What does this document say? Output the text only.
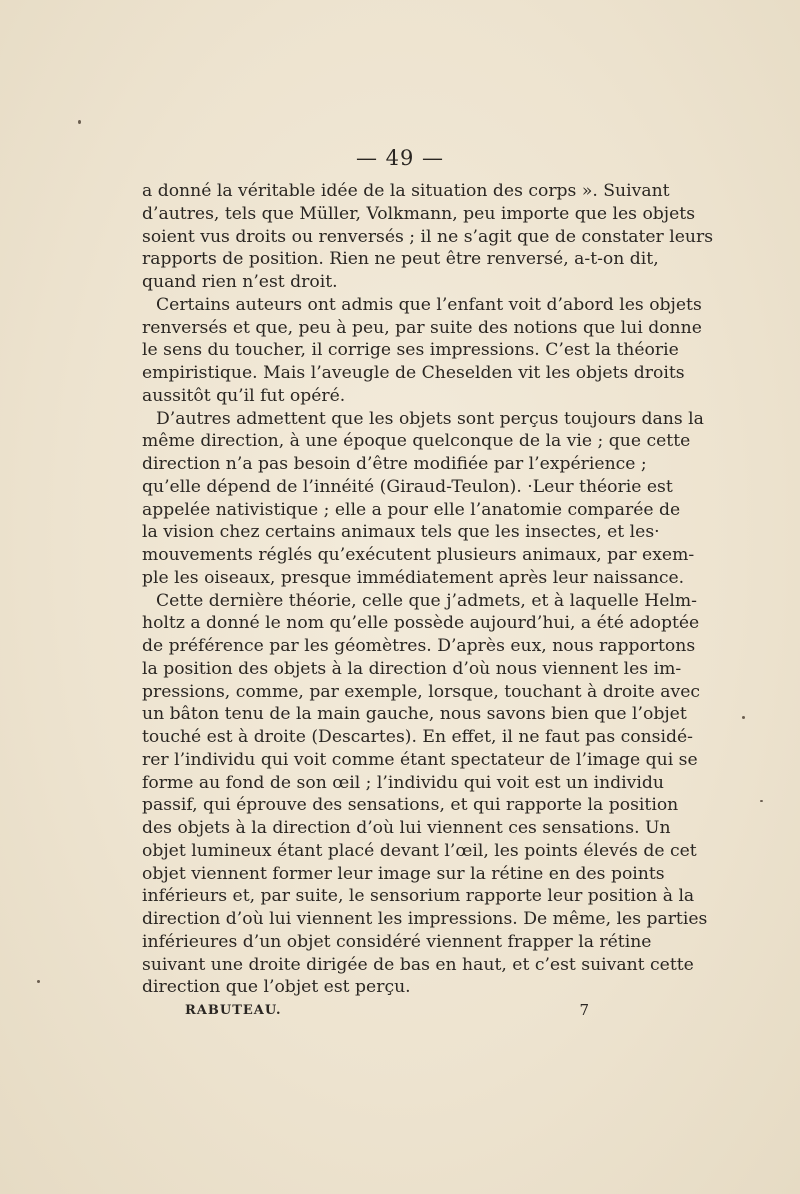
— 49 —
a donné la véritable idée de la situation des corps ». Suivant
d’autres, tels que Müller, Volkmann, peu importe que les objets
soient vus droits ou renversés ; il ne s’agit que de constater leurs
rapports de position. Rien ne peut être renversé, a-t-on dit,
quand rien n’est droit.
Certains auteurs ont admis que l’enfant voit d’abord les objets
renversés et que, peu à peu, par suite des notions que lui donne
le sens du toucher, il corrige ses impressions. C’est la théorie
empiristique. Mais l’aveugle de Cheselden vit les objets droits
aussitôt qu’il fut opéré.
D’autres admettent que les objets sont perçus toujours dans la
même direction, à une époque quelconque de la vie ; que cette
direction n’a pas besoin d’être modifiée par l’expérience ;
qu’elle dépend de l’innéité (Giraud-Teulon). ·Leur théorie est
appelée nativistique ; elle a pour elle l’anatomie comparée de
la vision chez certains animaux tels que les insectes, et les·
mouvements réglés qu’exécutent plusieurs animaux, par exem-
ple les oiseaux, presque immédiatement après leur naissance.
Cette dernière théorie, celle que j’admets, et à laquelle Helm-
holtz a donné le nom qu’elle possède aujourd’hui, a été adoptée
de préférence par les géomètres. D’après eux, nous rapportons
la position des objets à la direction d’où nous viennent les im-
pressions, comme, par exemple, lorsque, touchant à droite avec
un bâton tenu de la main gauche, nous savons bien que l’objet
touché est à droite (Descartes). En effet, il ne faut pas considé-
rer l’individu qui voit comme étant spectateur de l’image qui se
forme au fond de son œil ; l’individu qui voit est un individu
passif, qui éprouve des sensations, et qui rapporte la position
des objets à la direction d’où lui viennent ces sensations. Un
objet lumineux étant placé devant l’œil, les points élevés de cet
objet viennent former leur image sur la rétine en des points
inférieurs et, par suite, le sensorium rapporte leur position à la
direction d’où lui viennent les impressions. De même, les parties
inférieures d’un objet considéré viennent frapper la rétine
suivant une droite dirigée de bas en haut, et c’est suivant cette
direction que l’objet est perçu.
RABUTEAU.	7
